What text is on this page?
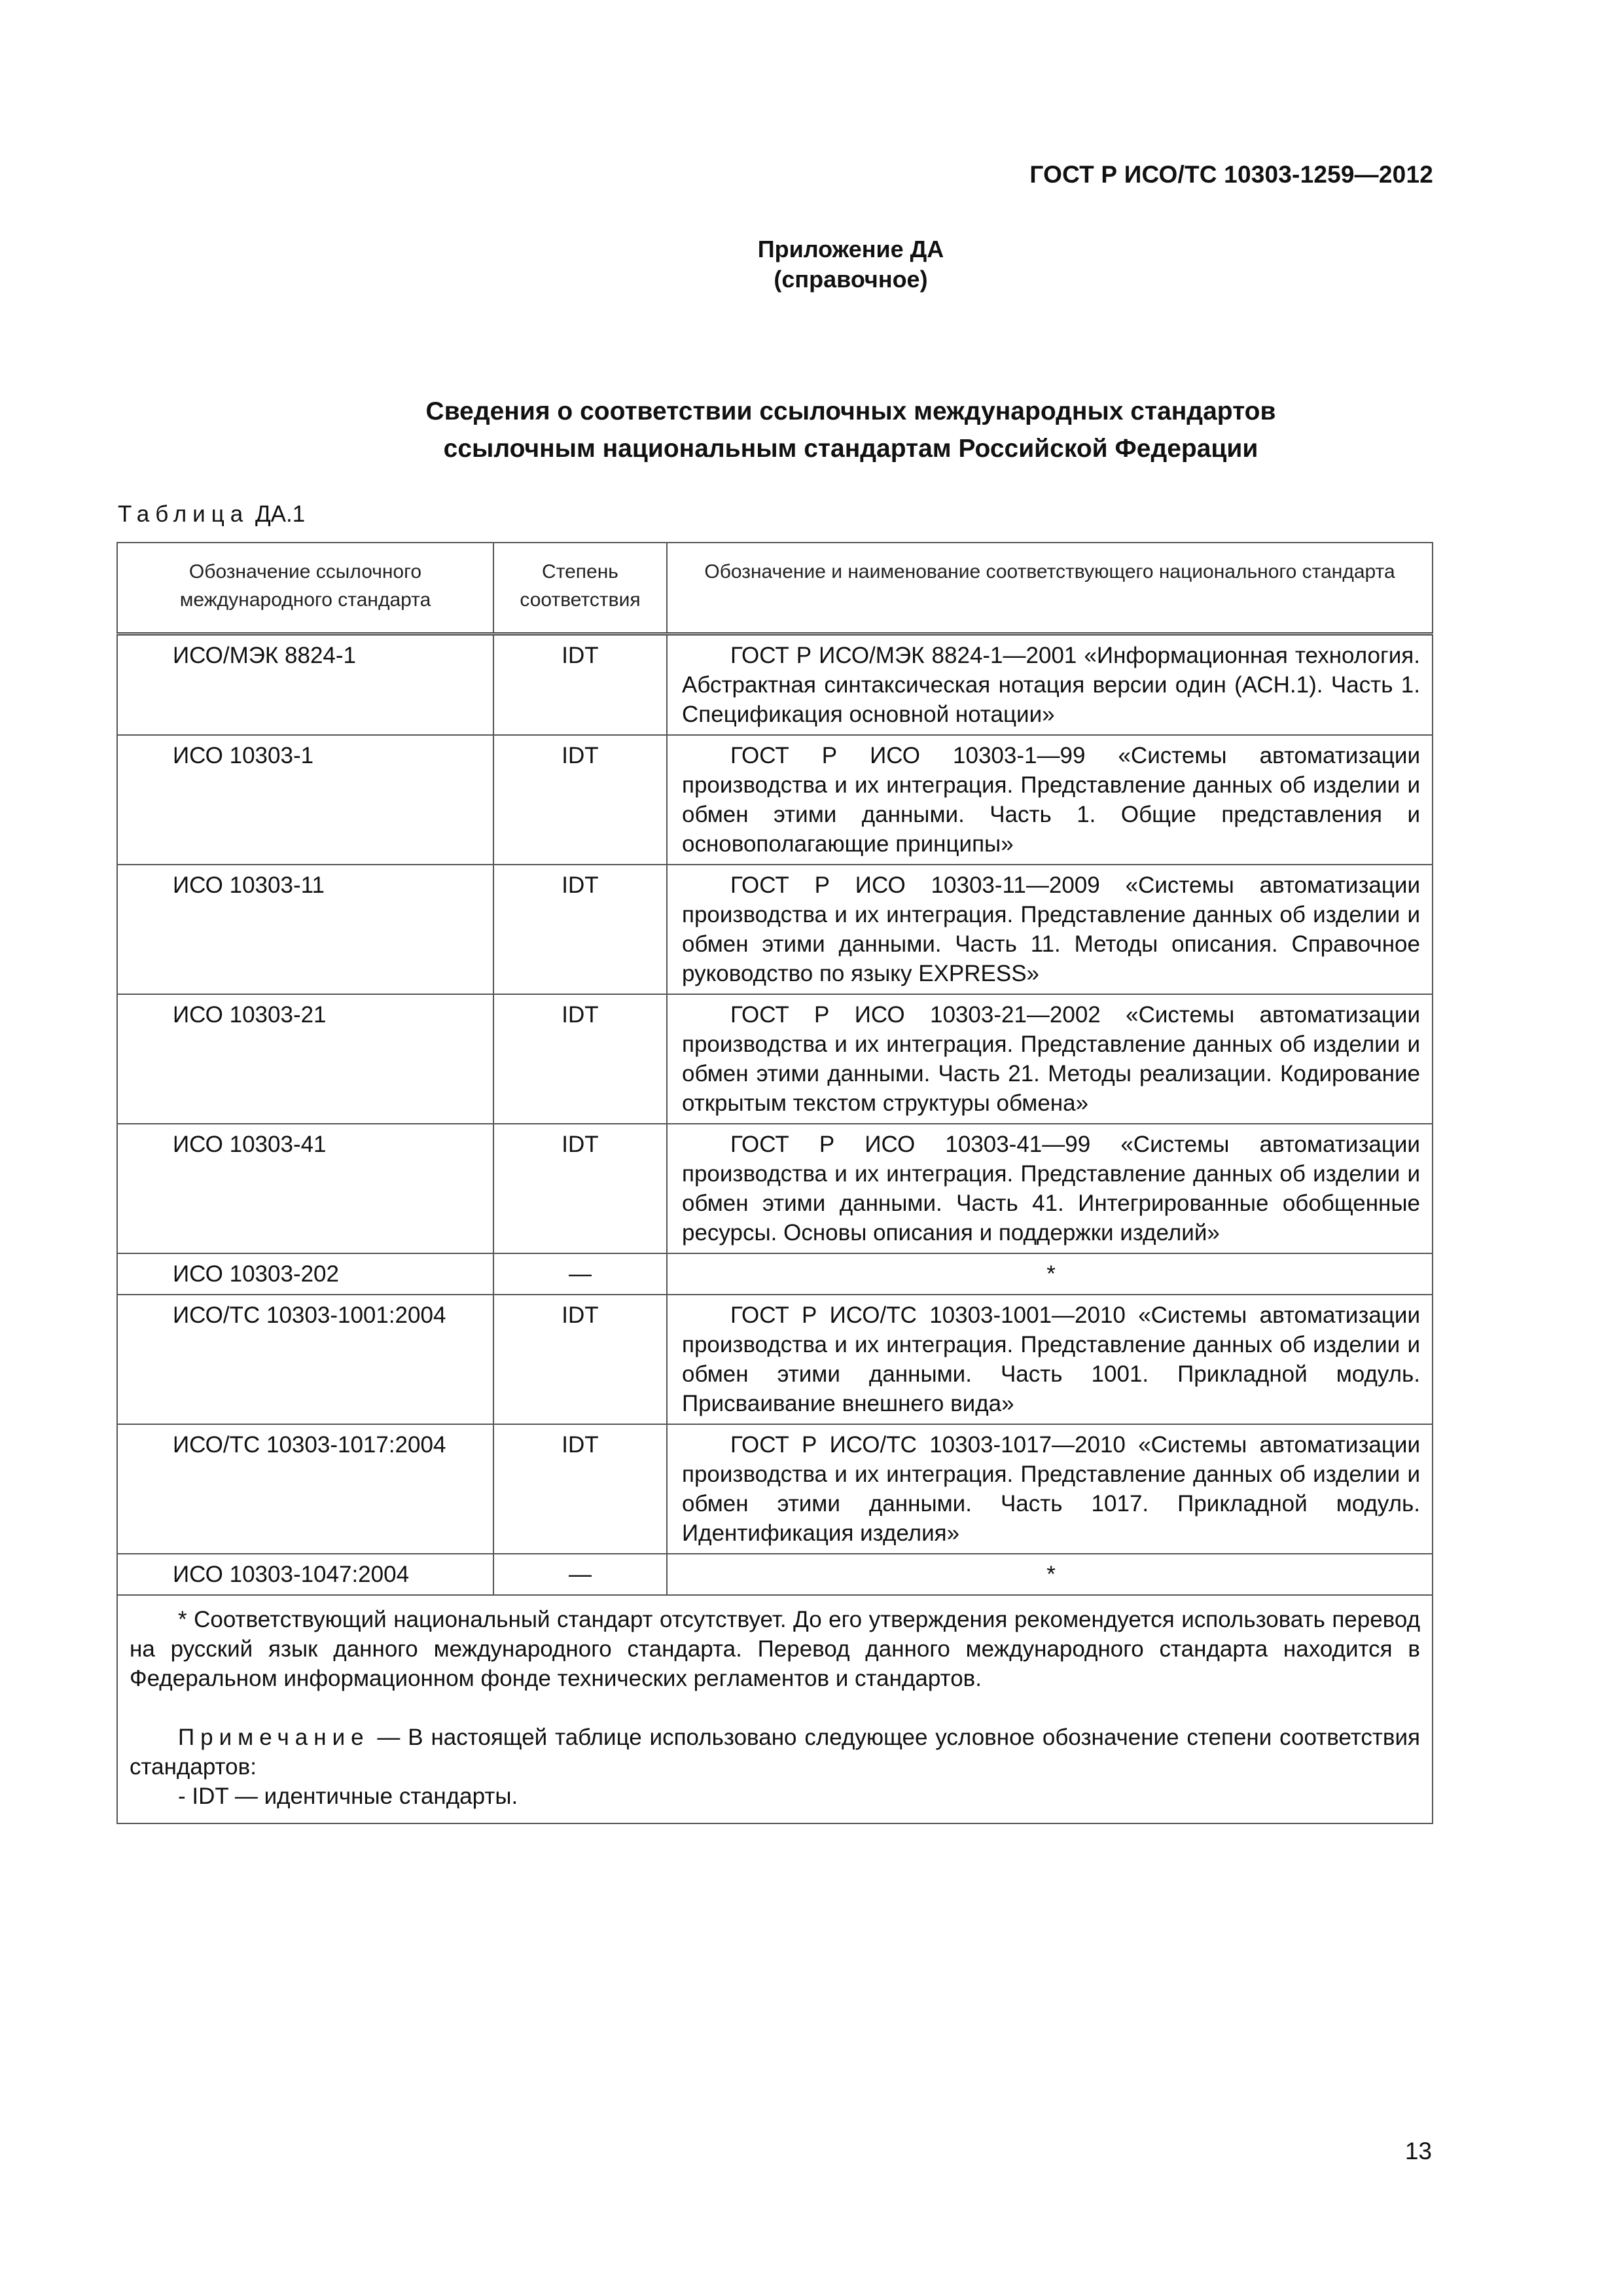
ГОСТ Р ИСО/ТС 10303-1259—2012
Приложение ДА
(справочное)
Сведения о соответствии ссылочных международных стандартов
ссылочным национальным стандартам Российской Федерации
Таблица ДА.1
Обозначение ссылочного международного стандарта	Степень соответствия	Обозначение и наименование соответствующего национального стандарта
ИСО/МЭК 8824-1	IDT	ГОСТ Р ИСО/МЭК 8824-1—2001 «Информационная технология. Абстрактная синтаксическая нотация версии один (АСН.1). Часть 1. Спецификация основной нотации»
ИСО 10303-1	IDT	ГОСТ Р ИСО 10303-1—99 «Системы автоматизации производства и их интеграция. Представление данных об изделии и обмен этими данными. Часть 1. Общие представления и основополагающие принципы»
ИСО 10303-11	IDT	ГОСТ Р ИСО 10303-11—2009 «Системы автоматизации производства и их интеграция. Представление данных об изделии и обмен этими данными. Часть 11. Методы описания. Справочное руководство по языку EXPRESS»
ИСО 10303-21	IDT	ГОСТ Р ИСО 10303-21—2002 «Системы автоматизации производства и их интеграция. Представление данных об изделии и обмен этими данными. Часть 21. Методы реализации. Кодирование открытым текстом структуры обмена»
ИСО 10303-41	IDT	ГОСТ Р ИСО 10303-41—99 «Системы автоматизации производства и их интеграция. Представление данных об изделии и обмен этими данными. Часть 41. Интегрированные обобщенные ресурсы. Основы описания и поддержки изделий»
ИСО 10303-202	—	*
ИСО/ТС 10303-1001:2004	IDT	ГОСТ Р ИСО/ТС 10303-1001—2010 «Системы автоматизации производства и их интеграция. Представление данных об изделии и обмен этими данными. Часть 1001. Прикладной модуль. Присваивание внешнего вида»
ИСО/ТС 10303-1017:2004	IDT	ГОСТ Р ИСО/ТС 10303-1017—2010 «Системы автоматизации производства и их интеграция. Представление данных об изделии и обмен этими данными. Часть 1017. Прикладной модуль. Идентификация изделия»
ИСО 10303-1047:2004	—	*

* Соответствующий национальный стандарт отсутствует. До его утверждения рекомендуется использовать перевод на русский язык данного международного стандарта. Перевод данного международного стандарта находится в Федеральном информационном фонде технических регламентов и стандартов.

Примечание — В настоящей таблице использовано следующее условное обозначение степени соответствия стандартов:

- IDT — идентичные стандарты.		

13
